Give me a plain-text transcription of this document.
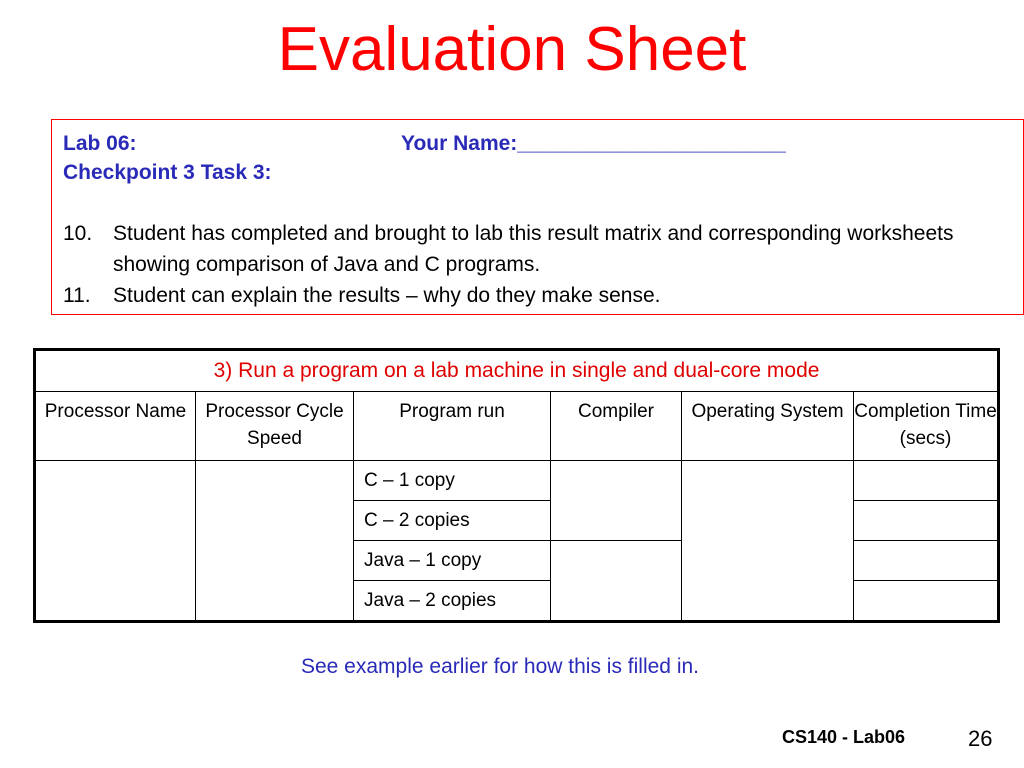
Evaluation Sheet
Lab 06:	Your Name:_______________________
Checkpoint 3 Task 3:
10. Student has completed and brought to lab this result matrix and corresponding worksheets showing comparison of Java and C programs.
11.	Student can explain the results – why do they make sense.
3) Run a program on a lab machine in single and dual-core mode					
Processor Name	Processor Cycle Speed	Program run	Compiler	Operating System	Completion Time (secs)
		C – 1 copy			
		C – 2 copies			
		Java – 1 copy			
		Java – 2 copies			
See example earlier for how this is filled in.
CS140 - Lab06	26
